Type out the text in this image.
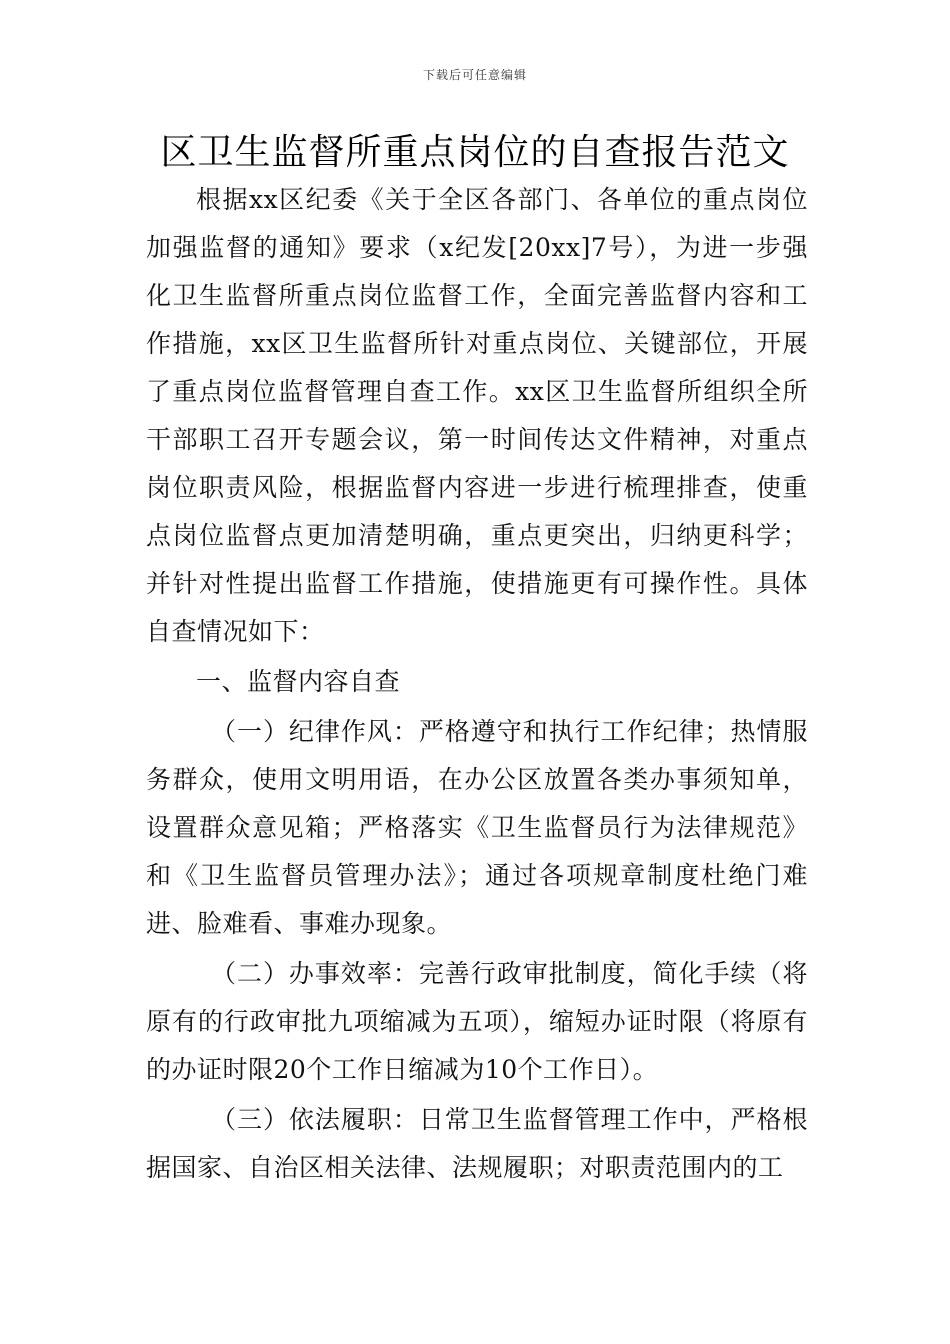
下载后可任意编辑
区卫生监督所重点岗位的自查报告范文

根据xx区纪委《关于全区各部门、各单位的重点岗位加强监督的通知》要求（x纪发[20xx]7号），为进一步强化卫生监督所重点岗位监督工作，全面完善监督内容和工作措施，xx区卫生监督所针对重点岗位、关键部位，开展了重点岗位监督管理自查工作。xx区卫生监督所组织全所干部职工召开专题会议，第一时间传达文件精神，对重点岗位职责风险，根据监督内容进一步进行梳理排查，使重点岗位监督点更加清楚明确，重点更突出，归纳更科学；并针对性提出监督工作措施，使措施更有可操作性。具体自查情况如下：

一、监督内容自查

（一）纪律作风：严格遵守和执行工作纪律；热情服务群众，使用文明用语，在办公区放置各类办事须知单，设置群众意见箱；严格落实《卫生监督员行为法律规范》和《卫生监督员管理办法》；通过各项规章制度杜绝门难进、脸难看、事难办现象。

（二）办事效率：完善行政审批制度，简化手续（将原有的行政审批九项缩减为五项），缩短办证时限（将原有的办证时限20个工作日缩减为10个工作日）。

（三）依法履职：日常卫生监督管理工作中，严格根据国家、自治区相关法律、法规履职；对职责范围内的工
